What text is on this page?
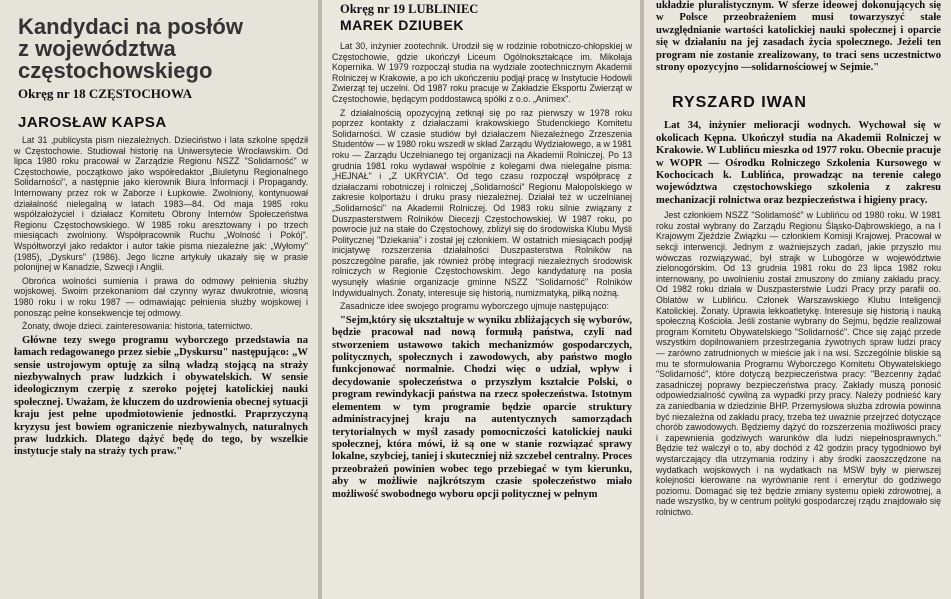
Kandydaci na posłów
z województwa
częstochowskiego
Okręg nr 18 CZĘSTOCHOWA
JAROSŁAW KAPSA

Lat 31 ,publicysta pism niezależnych. Dzieciństwo i lata szkolne spędził w Częstochowie. Studiował historię na Uniwersytecie Wrocławskim. Od lipca 1980 roku pracował w Zarządzie Regionu NSZZ "Solidarność" w Częstochowie, początkowo jako współredaktor „Biuletynu Regionalnego Solidarności", a następnie jako kierownik Biura Informacji i Propagandy. Internowany przez rok w Zaborze i Łupkowie. Zwolniony, kontynuował działalność nielegalną w latach 1983—84. Od maja 1985 roku współzałożyciel i działacz Komitetu Obrony Internów Społeczeństwa Regionu Częstochowskiego. W 1985 roku aresztowany i po trzech miesiącach zwolniony. Współpracownik Ruchu „Wolność i Pokój". Współtworzył jako redaktor i autor takie pisma niezależne jak: „Wyłomy" (1985), „Dyskurs" (1986). Jego liczne artykuły ukazały się w prasie polonijnej w Kanadzie, Szwecji i Anglii.

Obrońca wolności sumienia i prawa do odmowy pełnienia służby wojskowej. Swoim przekonaniom dał czynny wyraz dwukrotnie, wiosną 1980 roku i w roku 1987 — odmawiając pełnienia służby wojskowej i ponosząc pełne konsekwencje tej odmowy.

Żonaty, dwoje dzieci. zainteresowania: historia, taternictwo.

Główne tezy swego programu wyborczego przedstawia na łamach redagowanego przez siebie „Dyskursu" następująco: „W sensie ustrojowym optuję za silną władzą stojącą na straży niezbywalnych praw ludzkich i obywatelskich. W sensie ideologicznym czerpię z szeroko pojętej katolickiej nauki społecznej. Uważam, że kluczem do uzdrowienia obecnej sytuacji kraju jest pełne upodmiotowienie jednostki. Praprzyczyną kryzysu jest bowiem ograniczenie niezbywalnych, naturalnych praw ludzkich. Dlatego dążyć będę do tego, by wszelkie instytucje stały na straży tych praw."

Okręg nr 19 LUBLINIEC
MAREK DZIUBEK

Lat 30, inżynier zootechnik. Urodził się w rodzinie robotniczo-chłopskiej w Częstochowie, gdzie ukończył Liceum Ogólnokształcące im. Mikołaja Kopernika. W 1979 rozpoczął studia na wydziale zootechnicznym Akademii Rolniczej w Krakowie, a po ich ukończeniu podjął pracę w Instytucie Hodowli Zwierząt tej uczelni. Od 1987 roku pracuje w Zakładzie Eksportu Zwierząt w Częstochowie, będącym poddostawcą spółki z o.o. „Animex".

Z działalnością opozycyjną zetknął się po raz pierwszy w 1978 roku poprzez kontakty z działaczami krakowskiego Studenckiego Komitetu Solidarności. W czasie studiów był działaczem Niezależnego Zrzeszenia Studentów — w 1980 roku wszedł w skład Zarządu Wydziałowego, a w 1981 roku — Zarządu Uczelnianego tej organizacji na Akademii Rolniczej. Po 13 grudnia 1981 roku wydawał wspólnie z kolegami dwa nielegalne pisma: „HEJNAŁ" i „Z UKRYCIA". Od tego czasu rozpoczął współpracę z działaczami robotniczej i rolniczej „Solidarności" Regionu Małopolskiego w zakresie kolportażu i druku prasy niezależnej. Działał też w uczelnianej „Solidarności" na Akademii Rolniczej. Od 1983 roku silnie związany z Duszpasterstwem Rolników Diecezji Częstochowskiej. W 1987 roku, po powrocie już na stałe do Częstochowy, zbliżył się do środowiska Klubu Myśli Politycznej "Dziekania" i został jej członkiem. W ostatnich miesiącach podjął inicjatywę rozszerzenia działalności Duszpasterstwa Rolników na poszczególne parafie, jak również próbę integracji niezależnych środowisk rolniczych w Regionie Częstochowskim. Jego kandydaturę na posła wysunęły właśnie organizacje gminne NSZZ "Solidarność" Rolników Indywidualnych. Żonaty, interesuje się historią, numizmatyką, piłką nożną.

Zasadnicze idee swojego programu wyborczego ujmuje następująco:

"Sejm,który się ukształtuje w wyniku zbliżających się wyborów, będzie pracował nad nową formułą państwa, czyli nad stworzeniem ustawowo takich mechanizmów gospodarczych, politycznych, społecznych i zawodowych, aby państwo mogło funkcjonować normalnie. Chodzi więc o udział, wpływ i decydowanie społeczeństwa o przyszłym kształcie Polski, o program rewindykacji państwa na rzecz społeczeństwa. Istotnym elementem w tym programie będzie oparcie struktury administracyjnej kraju na autentycznych samorządach terytorialnych w myśl zasady pomocniczości katolickiej nauki społecznej, która mówi, iż są one w stanie rozwiązać sprawy lokalne, szybciej, taniej i skuteczniej niż szczebel centralny. Proces przeobrażeń powinien wobec tego przebiegać w tym kierunku, aby w możliwie najkrótszym czasie społeczeństwo miało możliwość swobodnego wyboru opcji politycznej w pełnym

układzie pluralistycznym. W sferze ideowej dokonujących się w Polsce przeobrażeniem musi towarzyszyć stałe uwzględnianie wartości katolickiej nauki społecznej i oparcie się w działaniu na jej zasadach życia społecznego. Jeżeli ten program nie zostanie zrealizowany, to traci sens uczestnictwo strony opozycyjno —solidarnościowej w Sejmie."

RYSZARD IWAN

Lat 34, inżynier melioracji wodnych. Wychował się w okolicach Kępna. Ukończył studia na Akademii Rolniczej w Krakowie. W Lublińcu mieszka od 1977 roku. Obecnie pracuje w WOPR — Ośrodku Rolniczego Szkolenia Kursowego w Kochocicach k. Lublińca, prowadząc na terenie całego województwa częstochowskiego szkolenia z zakresu mechanizacji rolnictwa oraz bezpieczeństwa i higieny pracy.

Jest członkiem NSZZ "Solidarność" w Lublińcu od 1980 roku. W 1981 roku został wybrany do Zarządu Regionu Śląsko-Dąbrowskiego, a na I Krajowym Zjeździe Związku — członkiem Komisji Krajowej. Pracował w sekcji interwencji. Jednym z ważniejszych zadań, jakie przyszło mu wówczas rozwiązywać, był strajk w Lubogórze w województwie zielonogórskim. Od 13 grudnia 1981 roku do 23 lipca 1982 roku internowany, po uwolnieniu został zmuszony do zmiany zakładu pracy. Od 1982 roku działa w Duszpasterstwie Ludzi Pracy przy parafii oo. Oblatów w Lublińcu. Członek Warszawskiego Klubu Inteligencji Katolickiej. Żonaty. Uprawia lekkoatletykę. Interesuje się historią i nauką społeczną Kościoła. Jeśli zostanie wybrany do Sejmu, będzie realizował program Komitetu Obywatelskiego "Solidarność". Chce się zająć przede wszystkim dopilnowaniem przestrzegania żywotnych spraw ludzi pracy — zarówno zatrudnionych w mieście jak i na wsi. Szczególnie bliskie są mu te sformułowania Programu Wyborczego Komitetu Obywatelskiego "Solidarność", które dotyczą bezpieczeństwa pracy: "Bezcenny żądać zasadniczej poprawy bezpieczeństwa pracy. Zakłady muszą ponosić odpowiedzialność cywilną za wypadki przy pracy. Należy podnieść kary za zaniedbania w dziedzinie BHP. Przemysłowa służba zdrowia powinna być niezależna od zakładu pracy, trzeba też uważnie przejrzeć dotyczące chorób zawodowych. Będziemy dążyć do rozszerzenia możliwości pracy i zapewnienia godziwych warunków dla ludzi niepełnosprawnych." Będzie też walczył o to, aby dochód z 42 godzin pracy tygodniowo był wystarczający dla utrzymania rodziny i aby środki zaoszczędzone na wydatkach wojskowych i na wydatkach na MSW były w pierwszej kolejności kierowane na wyrównanie rent i emerytur do godziwego poziomu. Domagać się też będzie zmiany systemu opieki zdrowotnej, a nade wszystko, by w centrum polityki gospodarczej rządu znajdowało się rolnictwo.
